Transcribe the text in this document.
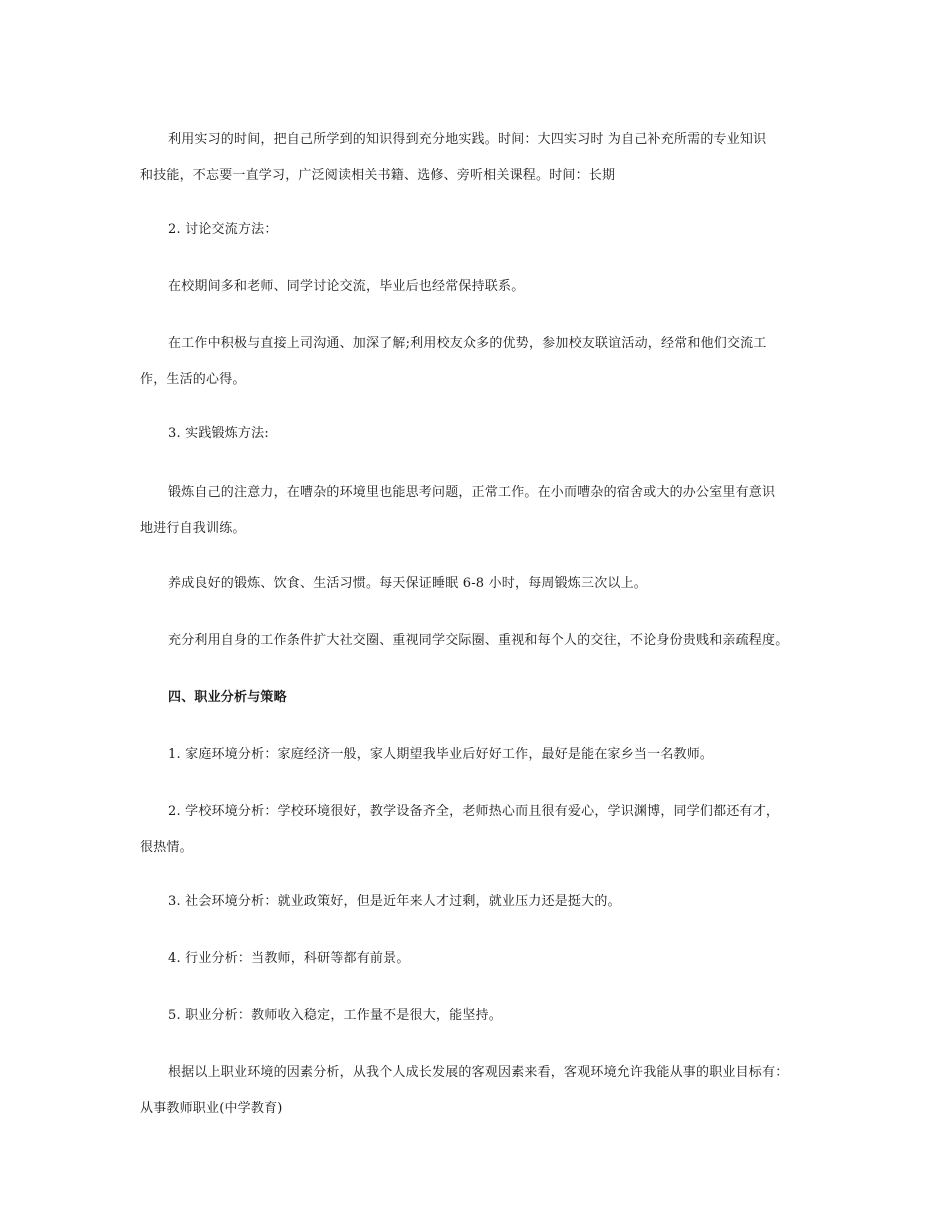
利用实习的时间，把自己所学到的知识得到充分地实践。时间：大四实习时 为自己补充所需的专业知识
和技能，不忘要一直学习，广泛阅读相关书籍、选修、旁听相关课程。时间：长期

2. 讨论交流方法：

在校期间多和老师、同学讨论交流，毕业后也经常保持联系。

在工作中积极与直接上司沟通、加深了解;利用校友众多的优势，参加校友联谊活动，经常和他们交流工
作，生活的心得。

3. 实践锻炼方法:

锻炼自己的注意力，在嘈杂的环境里也能思考问题，正常工作。在小而嘈杂的宿舍或大的办公室里有意识
地进行自我训练。

养成良好的锻炼、饮食、生活习惯。每天保证睡眠 6-8 小时，每周锻炼三次以上。

充分利用自身的工作条件扩大社交圈、重视同学交际圈、重视和每个人的交往，不论身份贵贱和亲疏程度。

四、职业分析与策略

1. 家庭环境分析：家庭经济一般，家人期望我毕业后好好工作，最好是能在家乡当一名教师。

2. 学校环境分析：学校环境很好，教学设备齐全，老师热心而且很有爱心，学识渊博，同学们都还有才，
很热情。

3. 社会环境分析：就业政策好，但是近年来人才过剩，就业压力还是挺大的。

4. 行业分析：当教师，科研等都有前景。

5. 职业分析：教师收入稳定，工作量不是很大，能坚持。

根据以上职业环境的因素分析，从我个人成长发展的客观因素来看，客观环境允许我能从事的职业目标有：
从事教师职业(中学教育)
